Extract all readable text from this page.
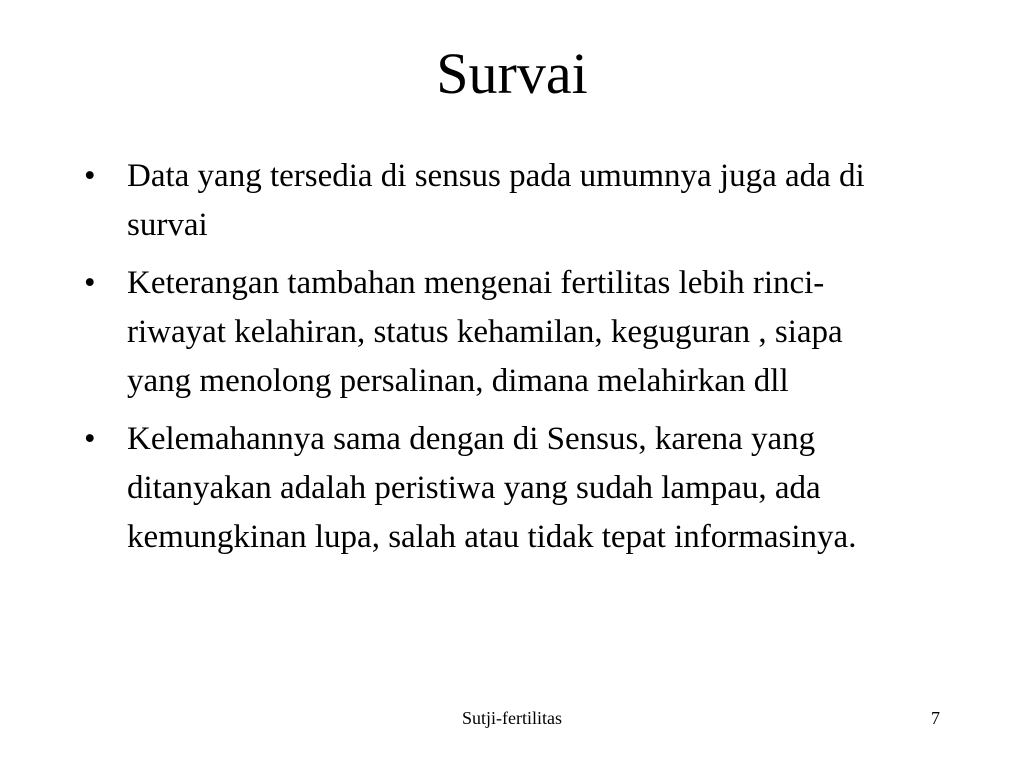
Survai
• Data yang tersedia di sensus pada umumnya juga ada di survai
• Keterangan tambahan mengenai fertilitas lebih rinci- riwayat kelahiran, status kehamilan, keguguran , siapa yang menolong persalinan, dimana melahirkan dll
• Kelemahannya sama dengan di Sensus, karena yang ditanyakan adalah peristiwa yang sudah lampau, ada kemungkinan lupa, salah atau tidak tepat informasinya.
Sutji-fertilitas	7
